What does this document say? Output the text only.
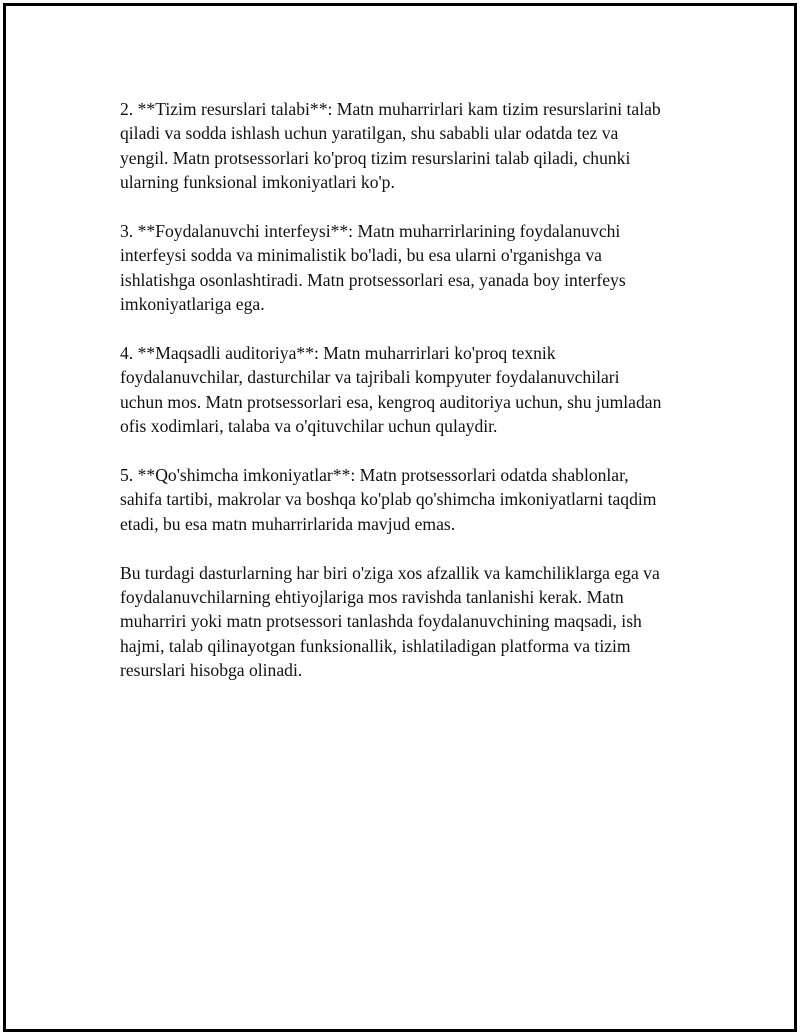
2. **Tizim resurslari talabi**: Matn muharrirlari kam tizim resurslarini talab
qiladi va sodda ishlash uchun yaratilgan, shu sababli ular odatda tez va
yengil. Matn protsessorlari ko'proq tizim resurslarini talab qiladi, chunki
ularning funksional imkoniyatlari ko'p.

3. **Foydalanuvchi interfeysi**: Matn muharrirlarining foydalanuvchi
interfeysi sodda va minimalistik bo'ladi, bu esa ularni o'rganishga va
ishlatishga osonlashtiradi. Matn protsessorlari esa, yanada boy interfeys
imkoniyatlariga ega.

4. **Maqsadli auditoriya**: Matn muharrirlari ko'proq texnik
foydalanuvchilar, dasturchilar va tajribali kompyuter foydalanuvchilari
uchun mos. Matn protsessorlari esa, kengroq auditoriya uchun, shu jumladan
ofis xodimlari, talaba va o'qituvchilar uchun qulaydir.

5. **Qo'shimcha imkoniyatlar**: Matn protsessorlari odatda shablonlar,
sahifa tartibi, makrolar va boshqa ko'plab qo'shimcha imkoniyatlarni taqdim
etadi, bu esa matn muharrirlarida mavjud emas.

Bu turdagi dasturlarning har biri o'ziga xos afzallik va kamchiliklarga ega va
foydalanuvchilarning ehtiyojlariga mos ravishda tanlanishi kerak. Matn
muharriri yoki matn protsessori tanlashda foydalanuvchining maqsadi, ish
hajmi, talab qilinayotgan funksionallik, ishlatiladigan platforma va tizim
resurslari hisobga olinadi.
